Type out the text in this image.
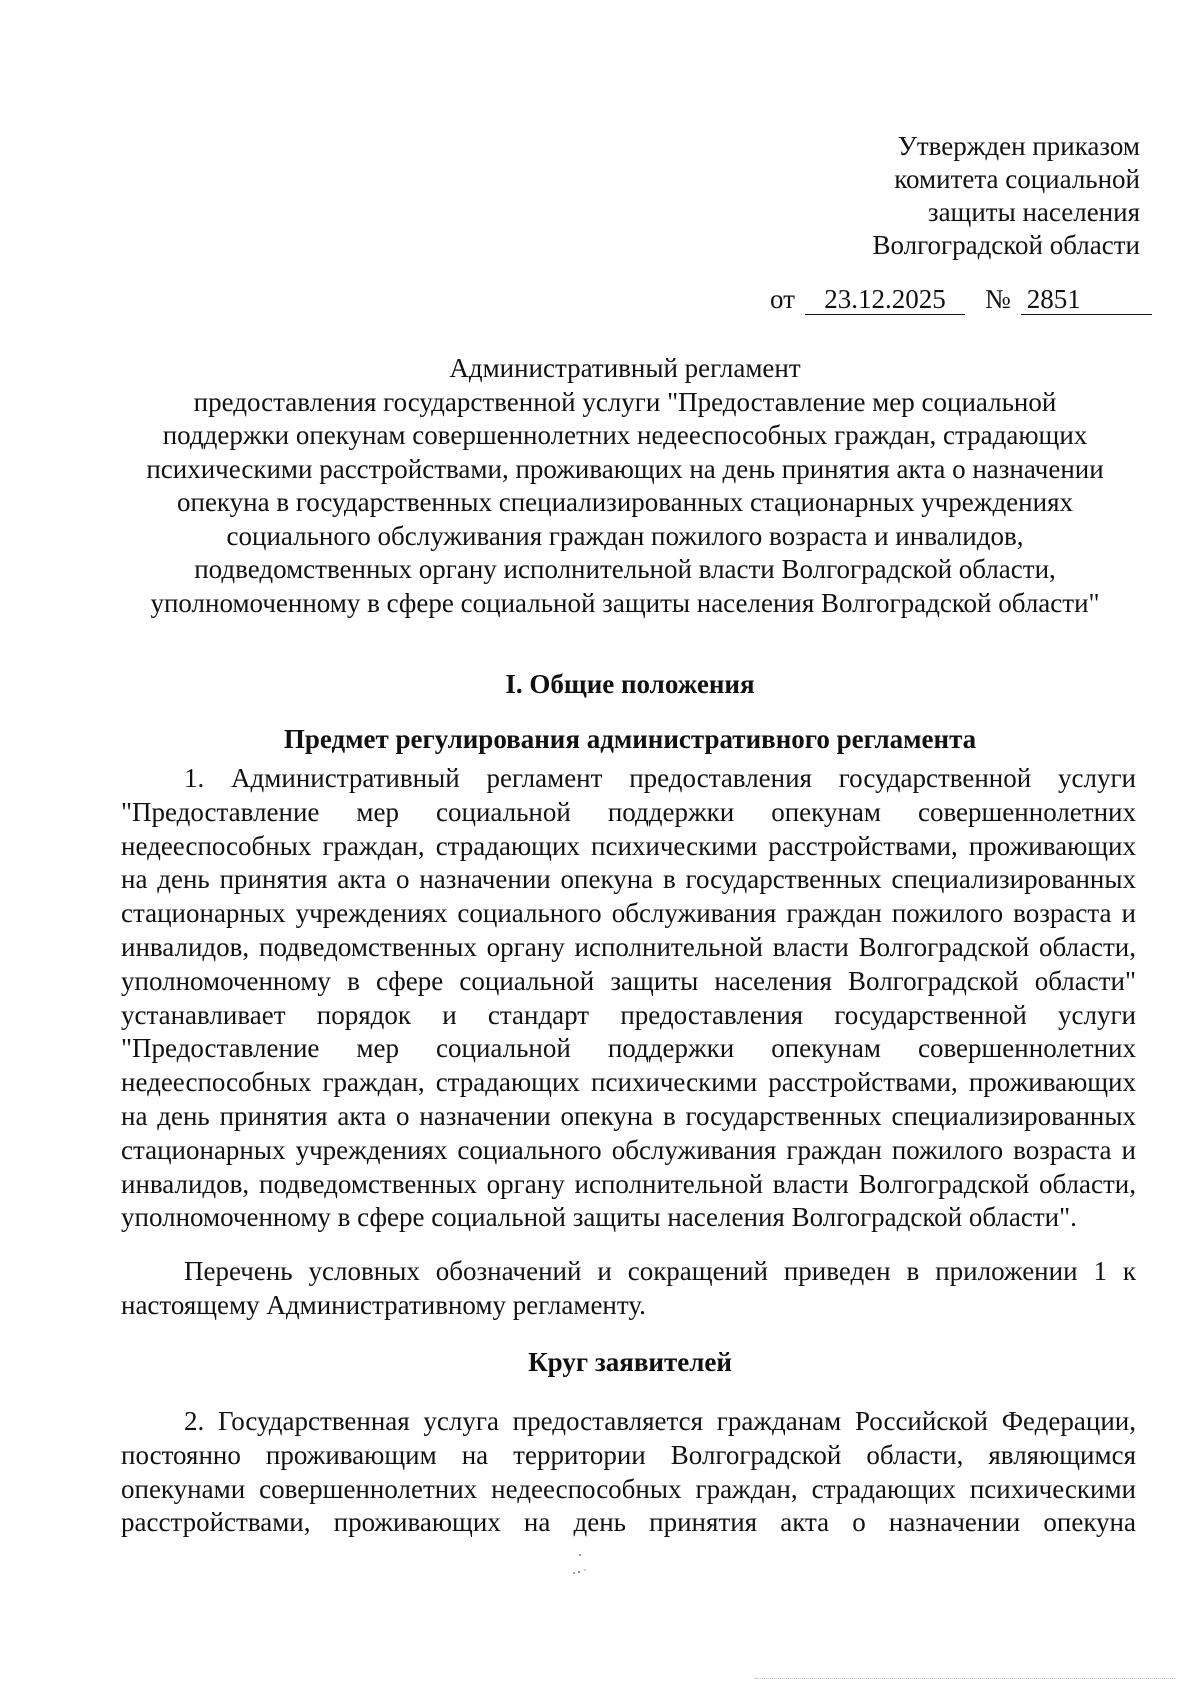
Утвержден приказом
комитета социальной
защиты населения
Волгоградской области
от 23.12.2025 № 2851
Административный регламент
предоставления государственной услуги "Предоставление мер социальной
поддержки опекунам совершеннолетних недееспособных граждан, страдающих
психическими расстройствами, проживающих на день принятия акта о назначении
опекуна в государственных специализированных стационарных учреждениях
социального обслуживания граждан пожилого возраста и инвалидов,
подведомственных органу исполнительной власти Волгоградской области,
уполномоченному в сфере социальной защиты населения Волгоградской области"
I. Общие положения
Предмет регулирования административного регламента
1. Административный регламент предоставления государственной услуги "Предоставление мер социальной поддержки опекунам совершеннолетних недееспособных граждан, страдающих психическими расстройствами, проживающих на день принятия акта о назначении опекуна в государственных специализированных стационарных учреждениях социального обслуживания граждан пожилого возраста и инвалидов, подведомственных органу исполнительной власти Волгоградской области, уполномоченному в сфере социальной защиты населения Волгоградской области" устанавливает порядок и стандарт предоставления государственной услуги "Предоставление мер социальной поддержки опекунам совершеннолетних недееспособных граждан, страдающих психическими расстройствами, проживающих на день принятия акта о назначении опекуна в государственных специализированных стационарных учреждениях социального обслуживания граждан пожилого возраста и инвалидов, подведомственных органу исполнительной власти Волгоградской области, уполномоченному в сфере социальной защиты населения Волгоградской области".
Перечень условных обозначений и сокращений приведен в приложении 1 к настоящему Административному регламенту.
Круг заявителей
2. Государственная услуга предоставляется гражданам Российской Федерации, постоянно проживающим на территории Волгоградской области, являющимся опекунами совершеннолетних недееспособных граждан, страдающих психическими расстройствами, проживающих на день принятия акта о назначении опекуна
